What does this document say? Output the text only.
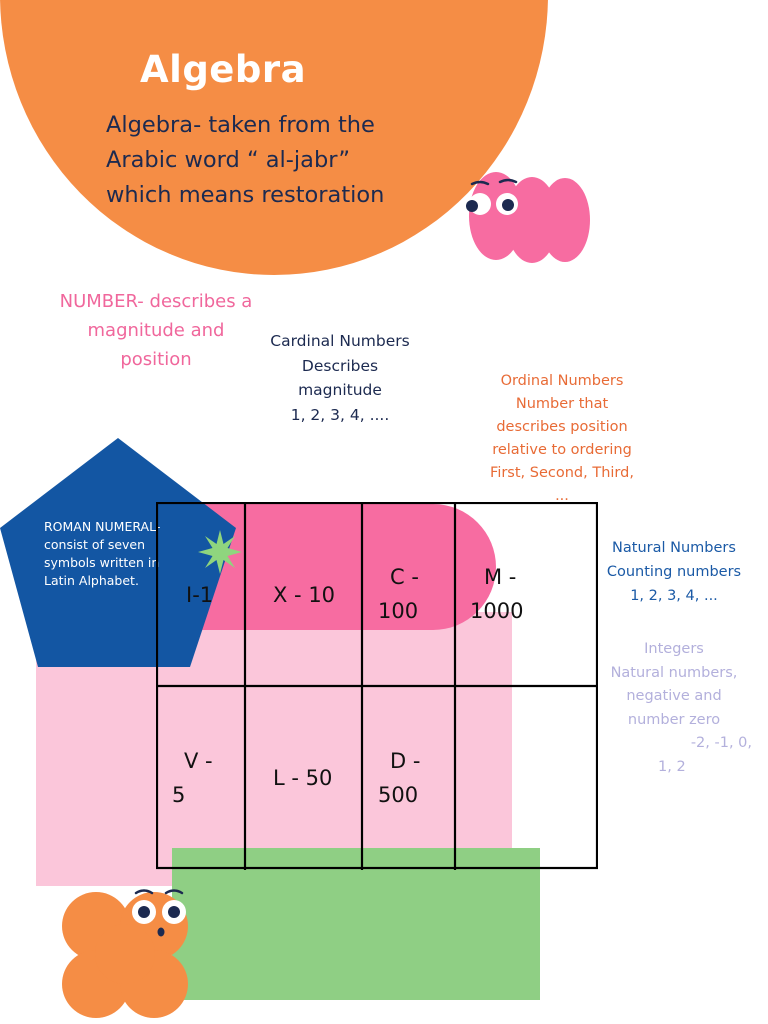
Algebra
Algebra- taken from the
Arabic word “ al-jabr”
which means restoration
NUMBER- describes a
magnitude and
position
Cardinal Numbers
Describes
magnitude
1, 2, 3, 4, ....
Ordinal Numbers
Number that
describes position
relative to ordering
First, Second, Third,
...
Natural Numbers
Counting numbers
1, 2, 3, 4, ...
Integers
Natural numbers,
negative and
number zero
-2, -1, 0,
1, 2
ROMAN NUMERAL-
consist of seven
symbols written in
Latin Alphabet.
I-1	X - 10
C -
100
M -
1000
V -
5
L - 50
D -
500
